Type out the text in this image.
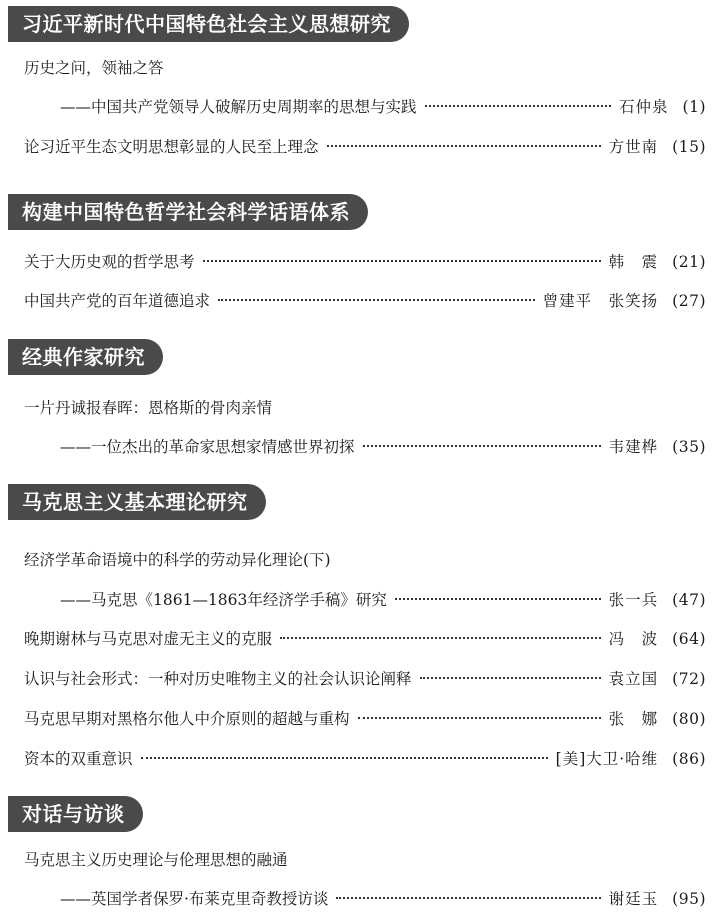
习近平新时代中国特色社会主义思想研究
历史之问，领袖之答
——中国共产党领导人破解历史周期率的思想与实践	石仲泉 (1)
论习近平生态文明思想彰显的人民至上理念	方世南 (15)
构建中国特色哲学社会科学话语体系
关于大历史观的哲学思考	韩　震 (21)
中国共产党的百年道德追求	曾建平　张笑扬 (27)
经典作家研究
一片丹诚报春晖：恩格斯的骨肉亲情
——一位杰出的革命家思想家情感世界初探	韦建桦 (35)
马克思主义基本理论研究
经济学革命语境中的科学的劳动异化理论(下)
——马克思《1861—1863年经济学手稿》研究	张一兵 (47)
晚期谢林与马克思对虚无主义的克服	冯　波 (64)
认识与社会形式：一种对历史唯物主义的社会认识论阐释	袁立国 (72)
马克思早期对黑格尔他人中介原则的超越与重构	张　娜 (80)
资本的双重意识	[美]大卫·哈维 (86)
对话与访谈
马克思主义历史理论与伦理思想的融通
——英国学者保罗·布莱克里奇教授访谈	谢廷玉 (95)
